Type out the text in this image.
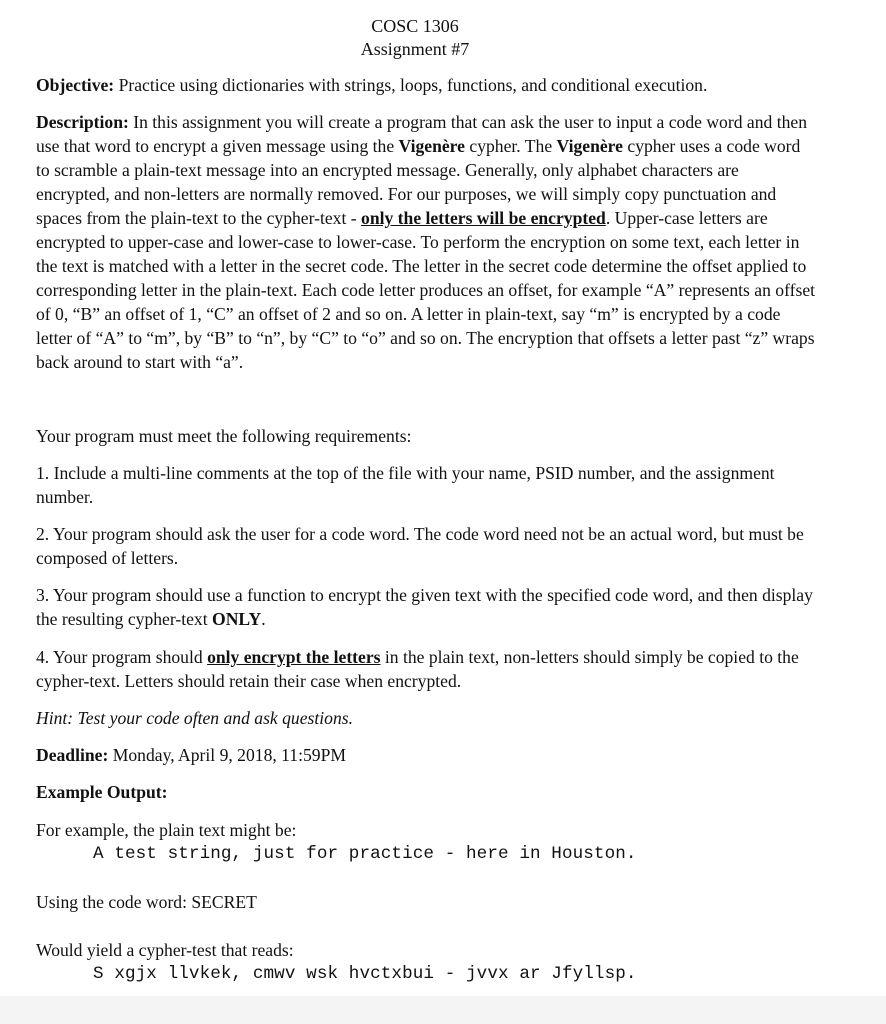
COSC 1306
Assignment #7

Objective: Practice using dictionaries with strings, loops, functions, and conditional execution.

Description: In this assignment you will create a program that can ask the user to input a code word and then use that word to encrypt a given message using the Vigenère cypher. The Vigenère cypher uses a code word to scramble a plain-text message into an encrypted message. Generally, only alphabet characters are encrypted, and non-letters are normally removed. For our purposes, we will simply copy punctuation and spaces from the plain-text to the cypher-text - only the letters will be encrypted. Upper-case letters are encrypted to upper-case and lower-case to lower-case. To perform the encryption on some text, each letter in the text is matched with a letter in the secret code. The letter in the secret code determine the offset applied to corresponding letter in the plain-text. Each code letter produces an offset, for example “A” represents an offset of 0, “B” an offset of 1, “C” an offset of 2 and so on. A letter in plain-text, say “m” is encrypted by a code letter of “A” to “m”, by “B” to “n”, by “C” to “o” and so on. The encryption that offsets a letter past “z” wraps back around to start with “a”.

Your program must meet the following requirements:

1. Include a multi-line comments at the top of the file with your name, PSID number, and the assignment number.

2. Your program should ask the user for a code word. The code word need not be an actual word, but must be composed of letters.

3. Your program should use a function to encrypt the given text with the specified code word, and then display the resulting cypher-text ONLY.

4. Your program should only encrypt the letters in the plain text, non-letters should simply be copied to the cypher-text. Letters should retain their case when encrypted.

Hint: Test your code often and ask questions.

Deadline: Monday, April 9, 2018, 11:59PM

Example Output:

For example, the plain text might be:

A test string, just for practice - here in Houston.

Using the code word: SECRET

Would yield a cypher-test that reads:

S xgjx llvkek, cmwv wsk hvctxbui - jvvx ar Jfyllsp.
